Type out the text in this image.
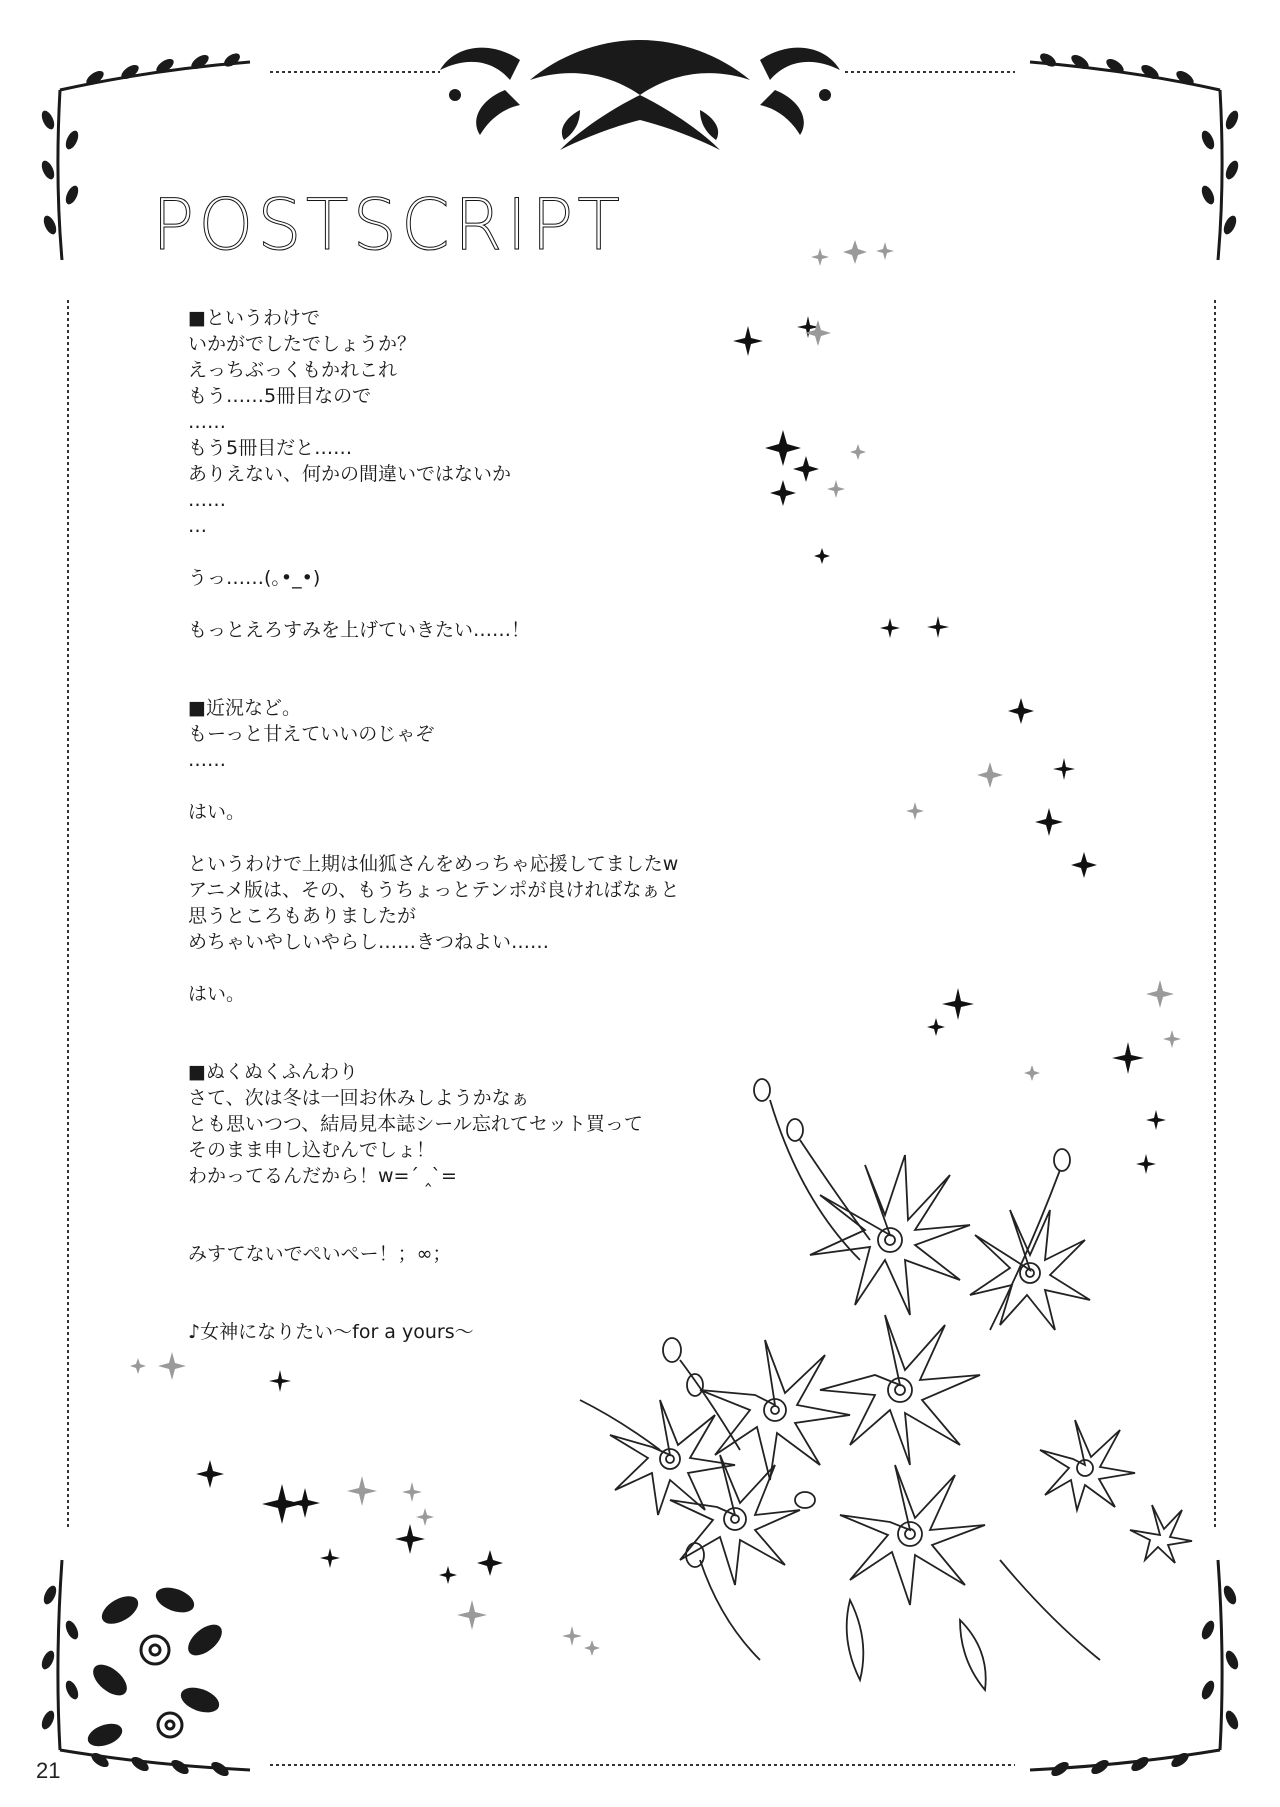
POSTSCRIPT
■というわけで
いかがでしたでしょうか？
えっちぶっくもかれこれ
もう……5冊目なので
……
もう5冊目だと……
ありえない、何かの間違いではないか
……
…
うっ……(｡•_•)
もっとえろすみを上げていきたい……！
■近況など。
もーっと甘えていいのじゃぞ
……
はい。
というわけで上期は仙狐さんをめっちゃ応援してましたw
アニメ版は、その、もうちょっとテンポが良ければなぁと
思うところもありましたが
めちゃいやしいやらし……きつねよい……
はい。
■ぬくぬくふんわり
さて、次は冬は一回お休みしようかなぁ
とも思いつつ、結局見本誌シール忘れてセット買って
そのまま申し込むんでしょ！
わかってるんだから！w=´ ‸`=
みすてないでぺいぺー！；∞；
♪女神になりたい～for a yours～
21
